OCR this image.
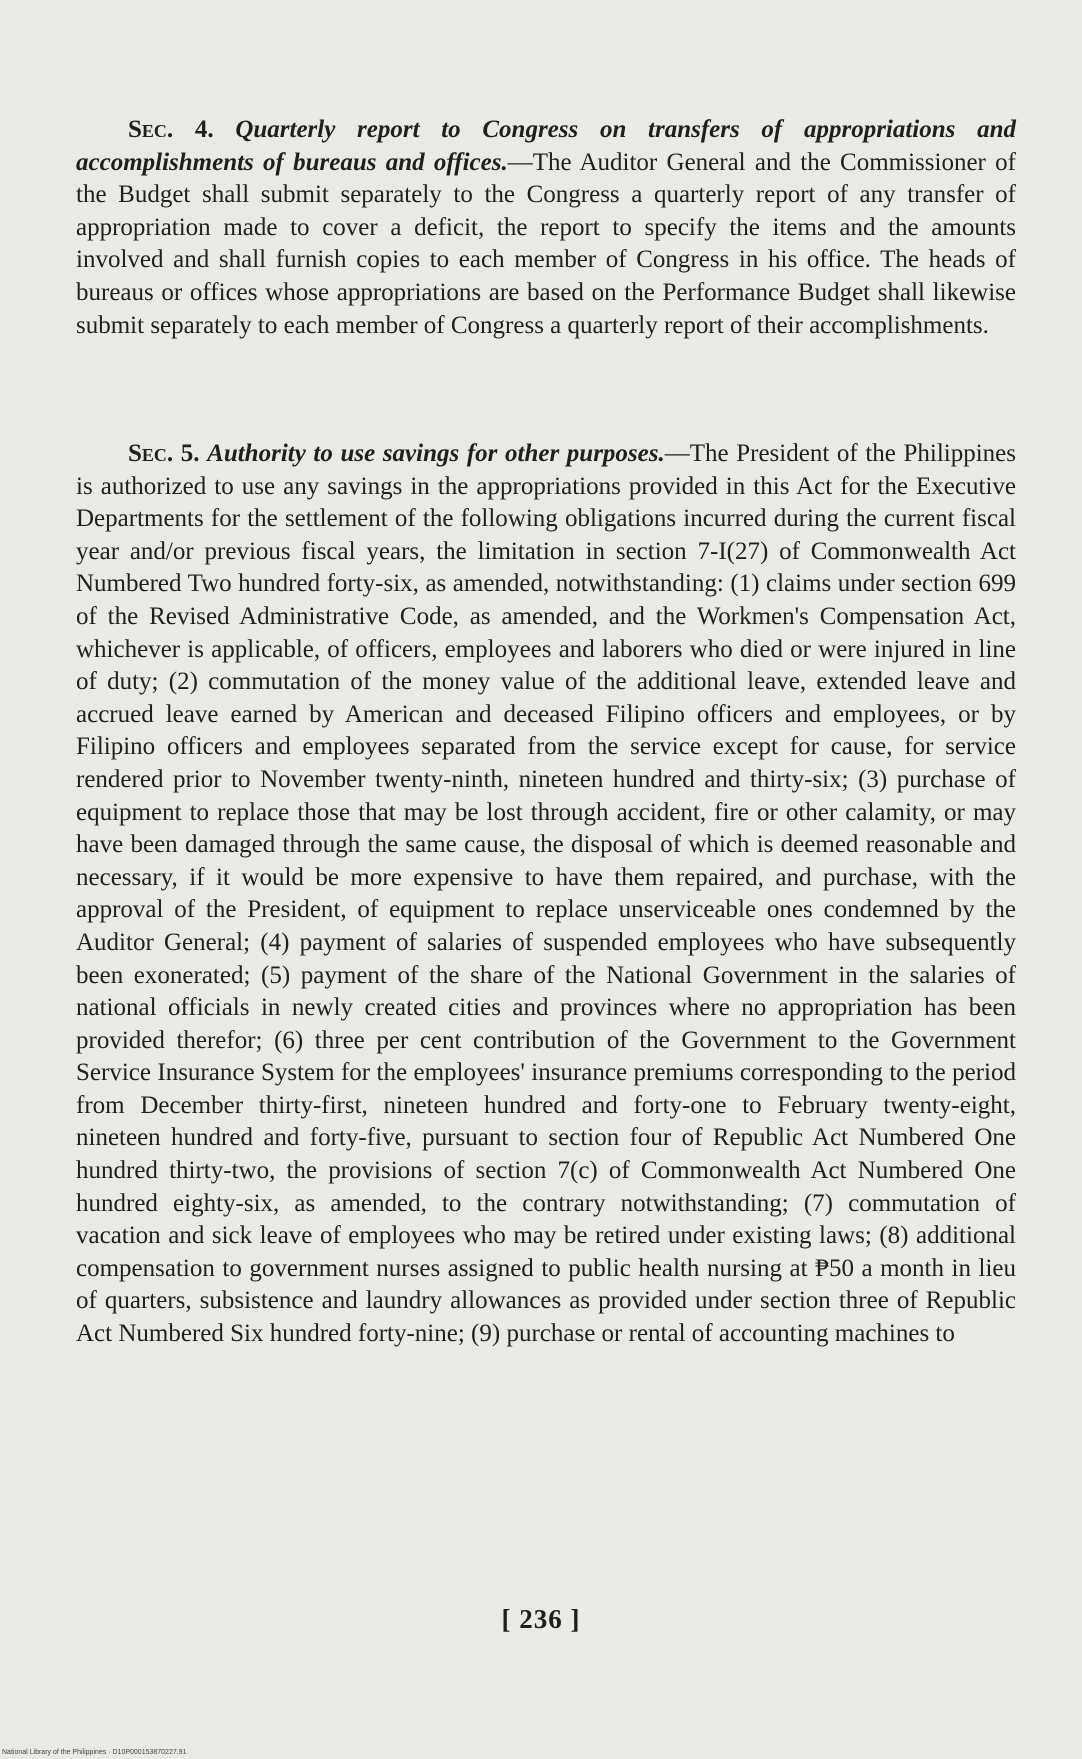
Sec. 4. Quarterly report to Congress on transfers of appropriations and accomplishments of bureaus and offices.—The Auditor General and the Commissioner of the Budget shall submit separately to the Congress a quarterly report of any transfer of appropriation made to cover a deficit, the report to specify the items and the amounts involved and shall furnish copies to each member of Congress in his office. The heads of bureaus or offices whose appropriations are based on the Performance Budget shall likewise submit separately to each member of Congress a quarterly report of their accomplishments.

Sec. 5. Authority to use savings for other purposes.—The President of the Philippines is authorized to use any savings in the appropriations provided in this Act for the Executive Departments for the settlement of the following obligations incurred during the current fiscal year and/or previous fiscal years, the limitation in section 7-I(27) of Commonwealth Act Numbered Two hundred forty-six, as amended, notwithstanding: (1) claims under section 699 of the Revised Administrative Code, as amended, and the Workmen's Compensation Act, whichever is applicable, of officers, employees and laborers who died or were injured in line of duty; (2) commutation of the money value of the additional leave, extended leave and accrued leave earned by American and deceased Filipino officers and employees, or by Filipino officers and employees separated from the service except for cause, for service rendered prior to November twenty-ninth, nineteen hundred and thirty-six; (3) purchase of equipment to replace those that may be lost through accident, fire or other calamity, or may have been damaged through the same cause, the disposal of which is deemed reasonable and necessary, if it would be more expensive to have them repaired, and purchase, with the approval of the President, of equipment to replace unserviceable ones condemned by the Auditor General; (4) payment of salaries of suspended employees who have subsequently been exonerated; (5) payment of the share of the National Government in the salaries of national officials in newly created cities and provinces where no appropriation has been provided therefor; (6) three per cent contribution of the Government to the Government Service Insurance System for the employees' insurance premiums corresponding to the period from December thirty-first, nineteen hundred and forty-one to February twenty-eight, nineteen hundred and forty-five, pursuant to section four of Republic Act Numbered One hundred thirty-two, the provisions of section 7(c) of Commonwealth Act Numbered One hundred eighty-six, as amended, to the contrary notwithstanding; (7) commutation of vacation and sick leave of employees who may be retired under existing laws; (8) additional compensation to government nurses assigned to public health nursing at ₱50 a month in lieu of quarters, subsistence and laundry allowances as provided under section three of Republic Act Numbered Six hundred forty-nine; (9) purchase or rental of accounting machines to

[ 236 ]
National Library of the Philippines · D10P000153870227.91
